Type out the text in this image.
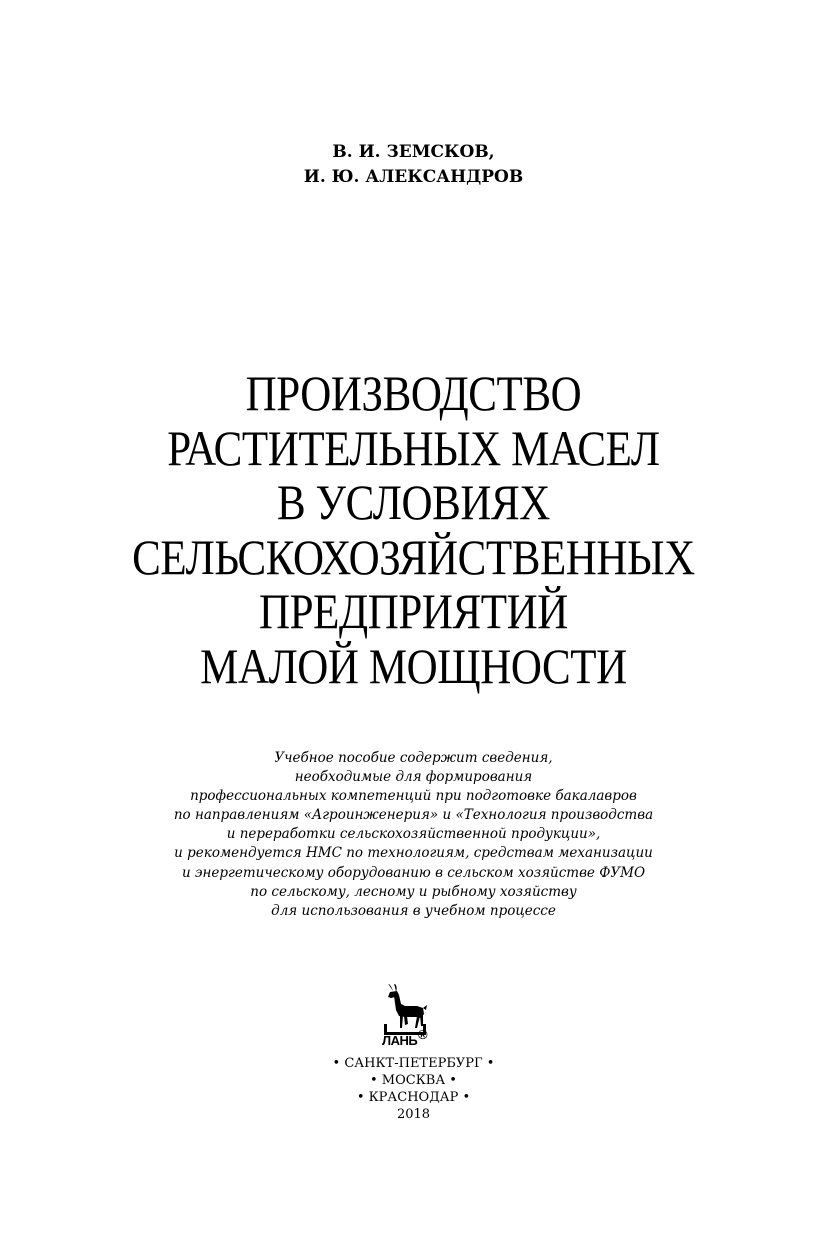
В. И. ЗЕМСКОВ,
И. Ю. АЛЕКСАНДРОВ
ПРОИЗВОДСТВО
РАСТИТЕЛЬНЫХ МАСЕЛ
В УСЛОВИЯХ
СЕЛЬСКОХОЗЯЙСТВЕННЫХ
ПРЕДПРИЯТИЙ
МАЛОЙ МОЩНОСТИ
Учебное пособие содержит сведения,
необходимые для формирования
профессиональных компетенций при подготовке бакалавров
по направлениям «Агроинженерия» и «Технология производства
и переработки сельскохозяйственной продукции»,
и рекомендуется НМС по технологиям, средствам механизации
и энергетическому оборудованию в сельском хозяйстве ФУМО
по сельскому, лесному и рыбному хозяйству
для использования в учебном процессе
ЛАНЬ ®
• САНКТ-ПЕТЕРБУРГ •
• МОСКВА •
• КРАСНОДАР •
2018
